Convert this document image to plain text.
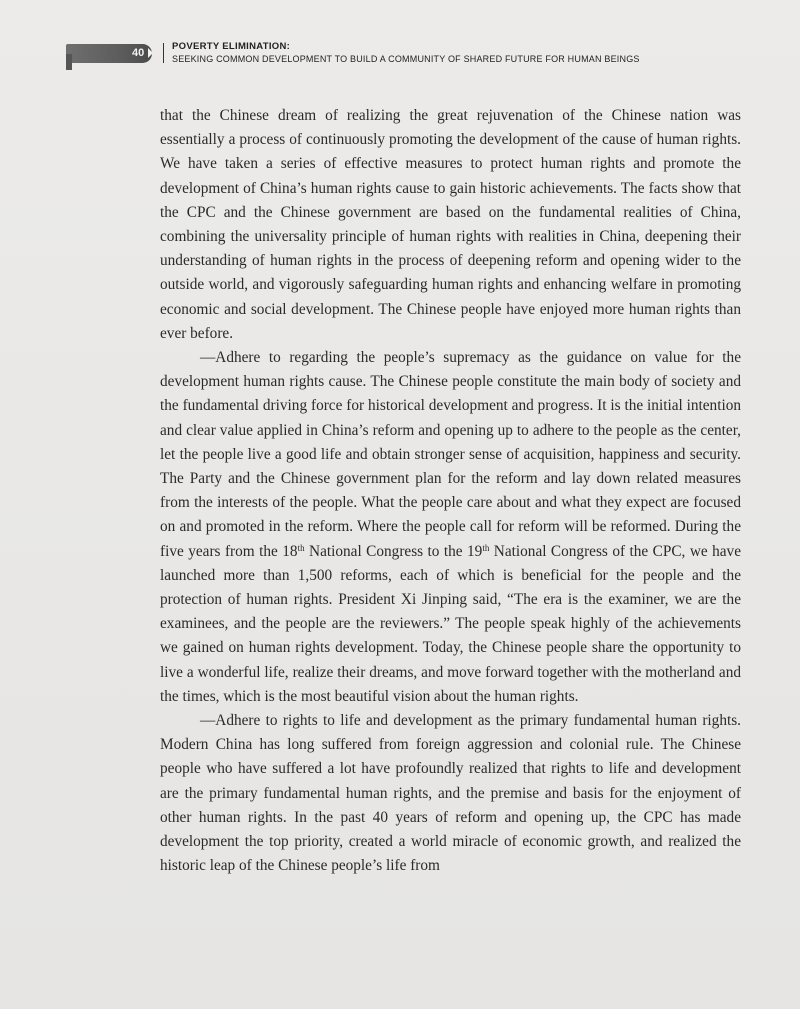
40
POVERTY ELIMINATION:
SEEKING COMMON DEVELOPMENT TO BUILD A COMMUNITY OF SHARED FUTURE FOR HUMAN BEINGS

that the Chinese dream of realizing the great rejuvenation of the Chinese nation was essentially a process of continuously promoting the development of the cause of human rights. We have taken a series of effective measures to protect human rights and promote the development of China’s human rights cause to gain historic achievements. The facts show that the CPC and the Chinese government are based on the fundamental realities of China, combining the universality principle of human rights with realities in China, deepening their understanding of human rights in the process of deepening reform and opening wider to the outside world, and vigorously safeguarding human rights and enhancing welfare in promoting economic and social development. The Chinese people have enjoyed more human rights than ever before.

—Adhere to regarding the people’s supremacy as the guidance on value for the development human rights cause. The Chinese people constitute the main body of society and the fundamental driving force for historical development and progress. It is the initial intention and clear value applied in China’s reform and opening up to adhere to the people as the center, let the people live a good life and obtain stronger sense of acquisition, happiness and security. The Party and the Chinese government plan for the reform and lay down related measures from the interests of the people. What the people care about and what they expect are focused on and promoted in the reform. Where the people call for reform will be reformed. During the five years from the 18th National Congress to the 19th National Congress of the CPC, we have launched more than 1,500 reforms, each of which is beneficial for the people and the protection of human rights. President Xi Jinping said, “The era is the examiner, we are the examinees, and the people are the reviewers.” The people speak highly of the achievements we gained on human rights development. Today, the Chinese people share the opportunity to live a wonderful life, realize their dreams, and move forward together with the motherland and the times, which is the most beautiful vision about the human rights.

—Adhere to rights to life and development as the primary fundamental human rights. Modern China has long suffered from foreign aggression and colonial rule. The Chinese people who have suffered a lot have profoundly realized that rights to life and development are the primary fundamental human rights, and the premise and basis for the enjoyment of other human rights. In the past 40 years of reform and opening up, the CPC has made development the top priority, created a world miracle of economic growth, and realized the historic leap of the Chinese people’s life from
